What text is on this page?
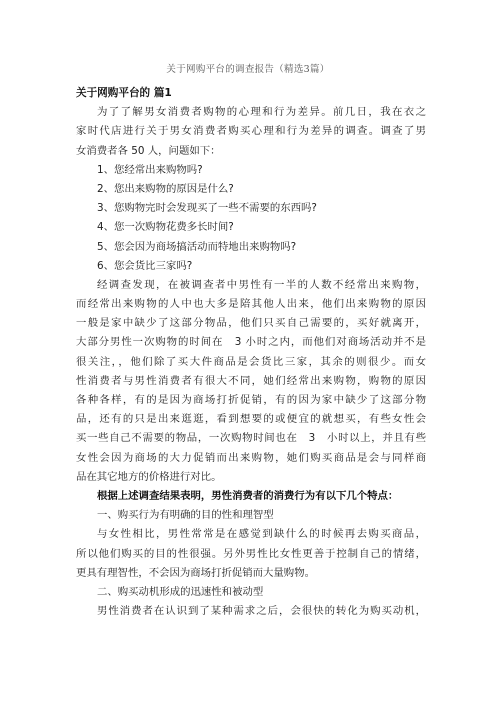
关于网购平台的调查报告（精选3篇）
关于网购平台的 篇1
为了了解男女消费者购物的心理和行为差异。前几日，我在衣之
家时代店进行关于男女消费者购买心理和行为差异的调查。调查了男
女消费者各 50 人，问题如下：
1、您经常出来购物吗?
2、您出来购物的原因是什么?
3、您购物完时会发现买了一些不需要的东西吗?
4、您一次购物花费多长时间?
5、您会因为商场搞活动而特地出来购物吗?
6、您会货比三家吗?
经调查发现，在被调查者中男性有一半的人数不经常出来购物，
而经常出来购物的人中也大多是陪其他人出来，他们出来购物的原因
一般是家中缺少了这部分物品，他们只买自己需要的，买好就离开，
大部分男性一次购物的时间在　3 小时之内，而他们对商场活动并不是
很关注，，他们除了买大件商品是会货比三家，其余的则很少。而女
性消费者与男性消费者有很大不同，她们经常出来购物，购物的原因
各种各样，有的是因为商场打折促销，有的因为家中缺少了这部分物
品，还有的只是出来逛逛，看到想要的或便宜的就想买，有些女性会
买一些自己不需要的物品，一次购物时间也在　3　小时以上，并且有些
女性会因为商场的大力促销而出来购物，她们购买商品是会与同样商
品在其它地方的价格进行对比。
根据上述调查结果表明，男性消费者的消费行为有以下几个特点：
一、购买行为有明确的目的性和理智型
与女性相比，男性常常是在感觉到缺什么的时候再去购买商品，
所以他们购买的目的性很强。另外男性比女性更善于控制自己的情绪，
更具有理智性，不会因为商场打折促销而大量购物。
二、购买动机形成的迅速性和被动型
男性消费者在认识到了某种需求之后，会很快的转化为购买动机，
